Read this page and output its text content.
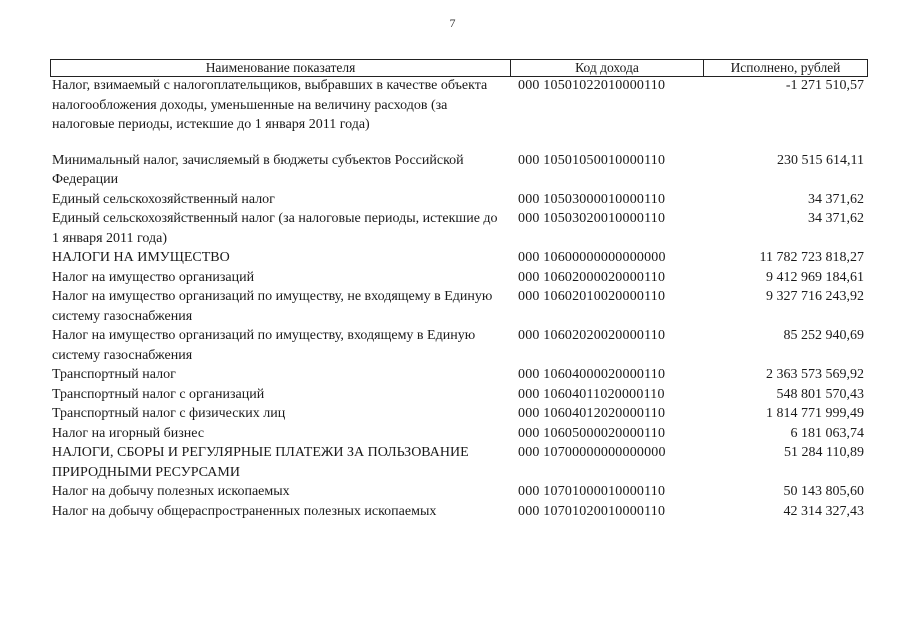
7
Наименование показателя	Код дохода	Исполнено, рублей
Налог, взимаемый с налогоплательщиков, выбравших в качестве объекта налогообложения доходы, уменьшенные на величину расходов (за налоговые периоды, истекшие до 1 января 2011 года)
000 10501022010000110	-1 271 510,57
Минимальный налог, зачисляемый в бюджеты субъектов Российской Федерации
000 10501050010000110	230 515 614,11
Единый сельскохозяйственный налог	000 10503000010000110	34 371,62
Единый сельскохозяйственный налог (за налоговые периоды, истекшие до 1 января 2011 года)
000 10503020010000110	34 371,62
НАЛОГИ НА ИМУЩЕСТВО	000 10600000000000000	11 782 723 818,27
Налог на имущество организаций	000 10602000020000110	9 412 969 184,61
Налог на имущество организаций по имуществу, не входящему в Единую систему газоснабжения
000 10602010020000110	9 327 716 243,92
Налог на имущество организаций по имуществу, входящему в Единую систему газоснабжения
000 10602020020000110	85 252 940,69
Транспортный налог	000 10604000020000110	2 363 573 569,92
Транспортный налог с организаций	000 10604011020000110	548 801 570,43
Транспортный налог с физических лиц	000 10604012020000110	1 814 771 999,49
Налог на игорный бизнес	000 10605000020000110	6 181 063,74
НАЛОГИ, СБОРЫ И РЕГУЛЯРНЫЕ ПЛАТЕЖИ ЗА ПОЛЬЗОВАНИЕ ПРИРОДНЫМИ РЕСУРСАМИ
000 10700000000000000	51 284 110,89
Налог на добычу полезных ископаемых	000 10701000010000110	50 143 805,60
Налог на добычу общераспространенных полезных ископаемых	000 10701020010000110	42 314 327,43
